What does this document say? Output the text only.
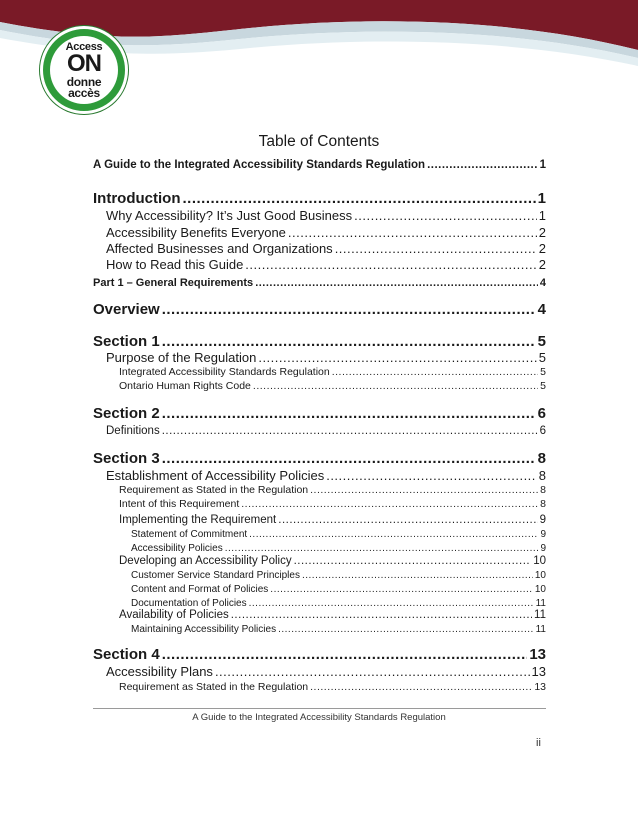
Access
ON
donne
accès
Table of Contents
A Guide to the Integrated Accessibility Standards Regulation .....	1
Introduction .....	1
Why Accessibility? It’s Just Good Business .....	1
Accessibility Benefits Everyone .....	2
Affected Businesses and Organizations .....	2
How to Read this Guide .....	2
Part 1 – General Requirements .....	4
Overview .....	4
Section 1 .....	5
Purpose of the Regulation .....	5
Integrated Accessibility Standards Regulation .....	5
Ontario Human Rights Code .....	5
Section 2 .....	6
Definitions .....	6
Section 3 .....	8
Establishment of Accessibility Policies .....	8
Requirement as Stated in the Regulation .....	8
Intent of this Requirement .....	8
Implementing the Requirement .....	9
Statement of Commitment .....	9
Accessibility Policies .....	9
Developing an Accessibility Policy .....	10
Customer Service Standard Principles .....	10
Content and Format of Policies .....	10
Documentation of Policies .....	11
Availability of Policies .....	11
Maintaining Accessibility Policies .....	11
Section 4 .....	13
Accessibility Plans .....	13
Requirement as Stated in the Regulation .....	13
A Guide to the Integrated Accessibility Standards Regulation
ii
